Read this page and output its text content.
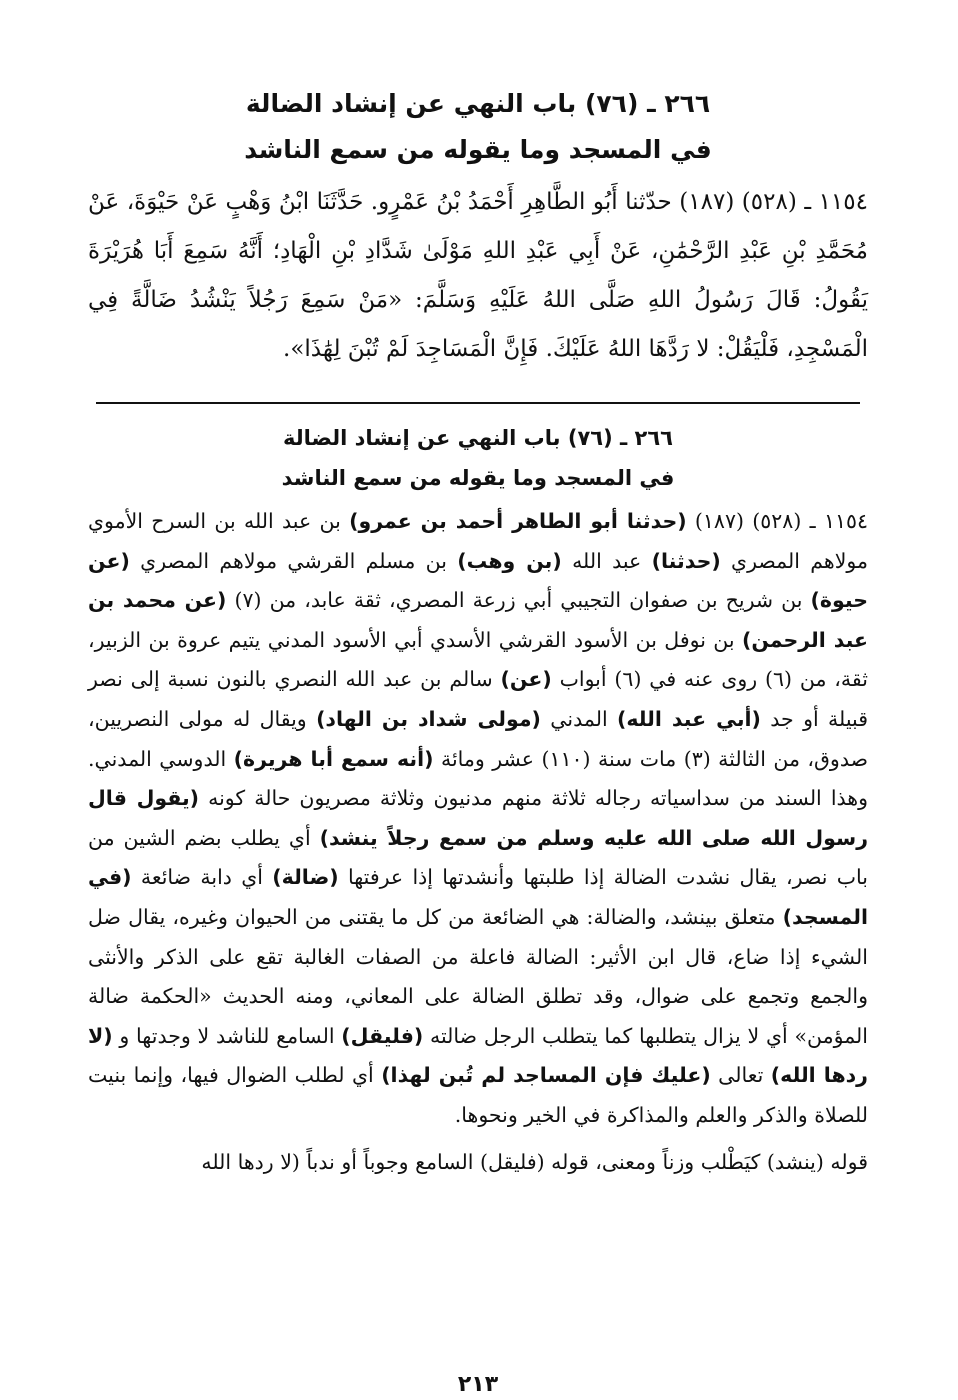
٢٦٦ ـ (٧٦) باب النهي عن إنشاد الضالة
في المسجد وما يقوله من سمع الناشد

١١٥٤ ـ (٥٢٨) (١٨٧) حدّثنا أَبُو الطَّاهِرِ أَحْمَدُ بْنُ عَمْرٍو. حَدَّثَنَا ابْنُ وَهْبٍ عَنْ حَيْوَةَ، عَنْ مُحَمَّدِ بْنِ عَبْدِ الرَّحْمَٰنِ، عَنْ أَبِي عَبْدِ اللهِ مَوْلَىٰ شَدَّادِ بْنِ الْهَادِ؛ أَنَّهُ سَمِعَ أَبَا هُرَيْرَةَ يَقُولُ: قَالَ رَسُولُ اللهِ صَلَّى اللهُ عَلَيْهِ وَسَلَّمَ: «مَنْ سَمِعَ رَجُلاً يَنْشُدُ ضَالَّةً فِي الْمَسْجِدِ، فَلْيَقُلْ: لا رَدَّهَا اللهُ عَلَيْكَ. فَإِنَّ الْمَسَاجِدَ لَمْ تُبْنَ لِهَٰذَا».

٢٦٦ ـ (٧٦) باب النهي عن إنشاد الضالة
في المسجد وما يقوله من سمع الناشد

١١٥٤ ـ (٥٢٨) (١٨٧) (حدثنا أبو الطاهر أحمد بن عمرو) بن عبد الله بن السرح الأموي مولاهم المصري (حدثنا) عبد الله (بن وهب) بن مسلم القرشي مولاهم المصري (عن حيوة) بن شريح بن صفوان التجيبي أبي زرعة المصري، ثقة عابد، من (٧) (عن محمد بن عبد الرحمن) بن نوفل بن الأسود القرشي الأسدي أبي الأسود المدني يتيم عروة بن الزبير، ثقة، من (٦) روى عنه في (٦) أبواب (عن) سالم بن عبد الله النصري بالنون نسبة إلى نصر قبيلة أو جد (أبي عبد الله) المدني (مولى شداد بن الهاد) ويقال له مولى النصريين، صدوق، من الثالثة (٣) مات سنة (١١٠) عشر ومائة (أنه سمع أبا هريرة) الدوسي المدني. وهذا السند من سداسياته رجاله ثلاثة منهم مدنيون وثلاثة مصريون حالة كونه (يقول قال رسول الله صلى الله عليه وسلم من سمع رجلاً ينشد) أي يطلب بضم الشين من باب نصر، يقال نشدت الضالة إذا طلبتها وأنشدتها إذا عرفتها (ضالة) أي دابة ضائعة (في المسجد) متعلق بينشد، والضالة: هي الضائعة من كل ما يقتنى من الحيوان وغيره، يقال ضل الشيء إذا ضاع، قال ابن الأثير: الضالة فاعلة من الصفات الغالبة تقع على الذكر والأنثى والجمع وتجمع على ضوال، وقد تطلق الضالة على المعاني، ومنه الحديث «الحكمة ضالة المؤمن» أي لا يزال يتطلبها كما يتطلب الرجل ضالته (فليقل) السامع للناشد لا وجدتها و (لا ردها الله) تعالى (عليك فإن المساجد لم تُبن لهذا) أي لطلب الضوال فيها، وإنما بنيت للصلاة والذكر والعلم والمذاكرة في الخير ونحوها.

قوله (ينشد) كيَطْلب وزناً ومعنى، قوله (فليقل) السامع وجوباً أو ندباً (لا ردها الله

٢١٣
